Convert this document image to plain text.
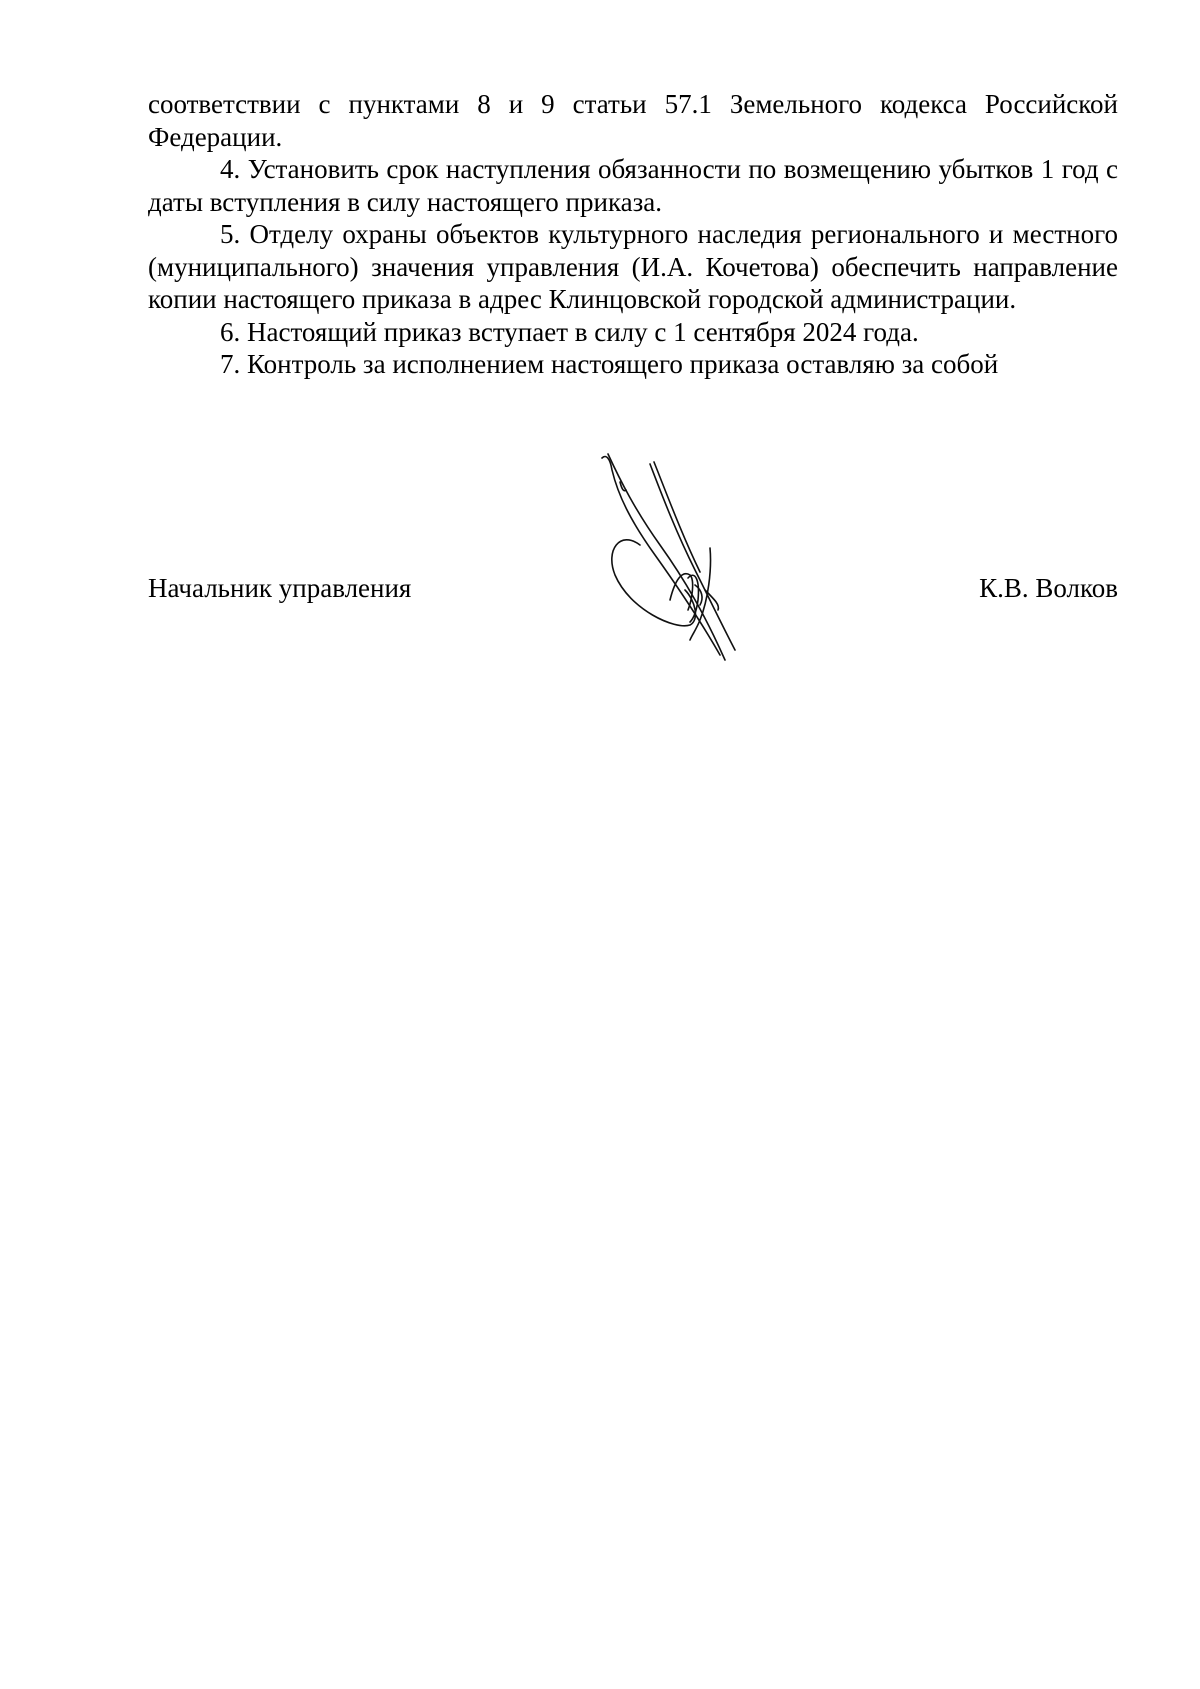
соответствии с пунктами 8 и 9 статьи 57.1 Земельного кодекса Российской Федерации.

4. Установить срок наступления обязанности по возмещению убытков 1 год с даты вступления в силу настоящего приказа.

5. Отделу охраны объектов культурного наследия регионального и местного (муниципального) значения управления (И.А. Кочетова) обеспечить направление копии настоящего приказа в адрес Клинцовской городской администрации.

6. Настоящий приказ вступает в силу с 1 сентября 2024 года.

7. Контроль за исполнением настоящего приказа оставляю за собой

Начальник управления	К.В. Волков
